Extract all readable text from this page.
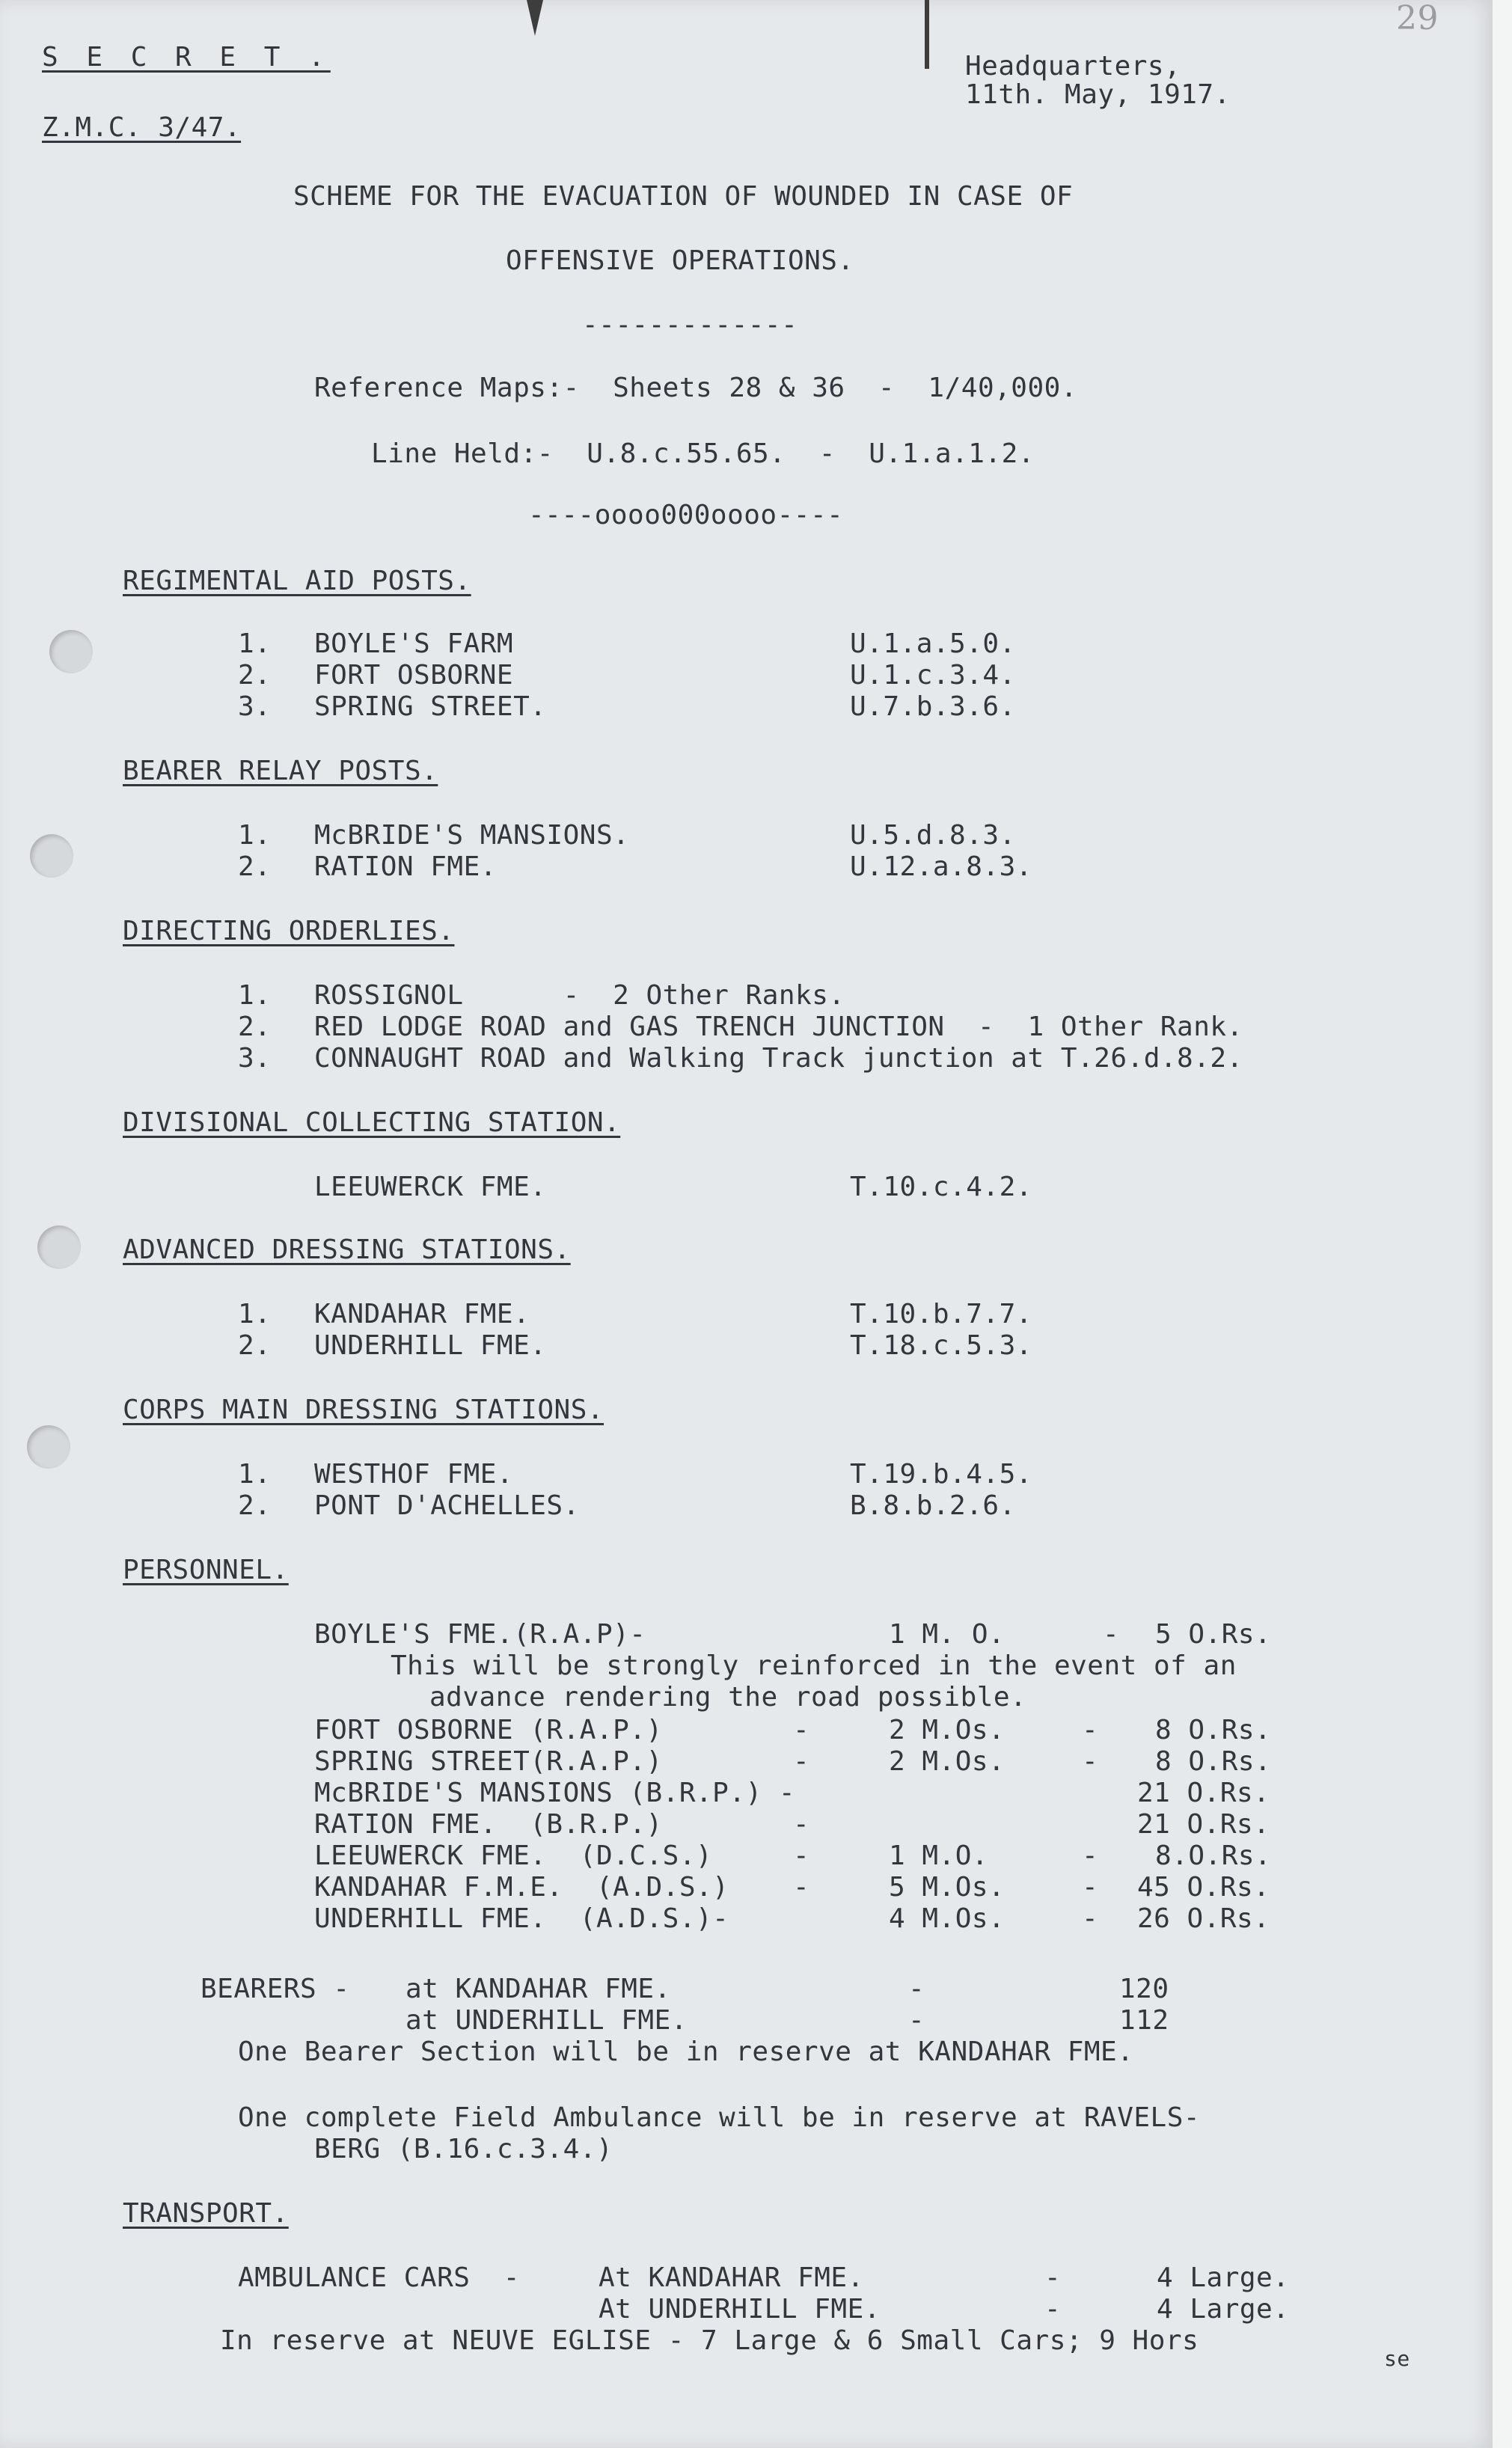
S E C R E T .
Z.M.C. 3/47.
Headquarters,
11th. May, 1917.
29
SCHEME FOR THE EVACUATION OF WOUNDED IN CASE OF
OFFENSIVE OPERATIONS.
-------------
Reference Maps:-  Sheets 28 & 36  -  1/40,000.
Line Held:-  U.8.c.55.65.  -  U.1.a.1.2.
----oooo000oooo----
REGIMENTAL AID POSTS.
1. BOYLE'S FARM	U.1.a.5.0.
2. FORT OSBORNE	U.1.c.3.4.
3. SPRING STREET.	U.7.b.3.6.
BEARER RELAY POSTS.
1. McBRIDE'S MANSIONS.	U.5.d.8.3.
2. RATION FME.	U.12.a.8.3.
DIRECTING ORDERLIES.
1. ROSSIGNOL      -  2 Other Ranks.
2. RED LODGE ROAD and GAS TRENCH JUNCTION  -  1 Other Rank.
3. CONNAUGHT ROAD and Walking Track junction at T.26.d.8.2.
DIVISIONAL COLLECTING STATION.
LEEUWERCK FME.	T.10.c.4.2.
ADVANCED DRESSING STATIONS.
1. KANDAHAR FME.	T.10.b.7.7.
2. UNDERHILL FME.	T.18.c.5.3.
CORPS MAIN DRESSING STATIONS.
1. WESTHOF FME.	T.19.b.4.5.
2. PONT D'ACHELLES.	B.8.b.2.6.
PERSONNEL.
BOYLE'S FME.(R.A.P)-	1 M. O.	- 5 O.Rs.
This will be strongly reinforced in the event of an
advance rendering the road possible.
FORT OSBORNE (R.A.P.)	-	2 M.Os.	- 8 O.Rs.
SPRING STREET(R.A.P.)	-	2 M.Os.	- 8 O.Rs.
McBRIDE'S MANSIONS (B.R.P.) -	21 O.Rs.
RATION FME.  (B.R.P.)	-	21 O.Rs.
LEEUWERCK FME.  (D.C.S.)	-	1 M.O.	- 8.O.Rs.
KANDAHAR F.M.E.  (A.D.S.) -	5 M.Os.	- 45 O.Rs.
UNDERHILL FME.  (A.D.S.)-	4 M.Os.	- 26 O.Rs.
BEARERS - at KANDAHAR FME.	-	120
at UNDERHILL FME.	-	112
One Bearer Section will be in reserve at KANDAHAR FME.
One complete Field Ambulance will be in reserve at RAVELS-
BERG (B.16.c.3.4.)
TRANSPORT.
AMBULANCE CARS  -	At KANDAHAR FME.	-	4 Large.
At UNDERHILL FME.	-	4 Large.
In reserve at NEUVE EGLISE - 7 Large & 6 Small Cars; 9 Hors
se
